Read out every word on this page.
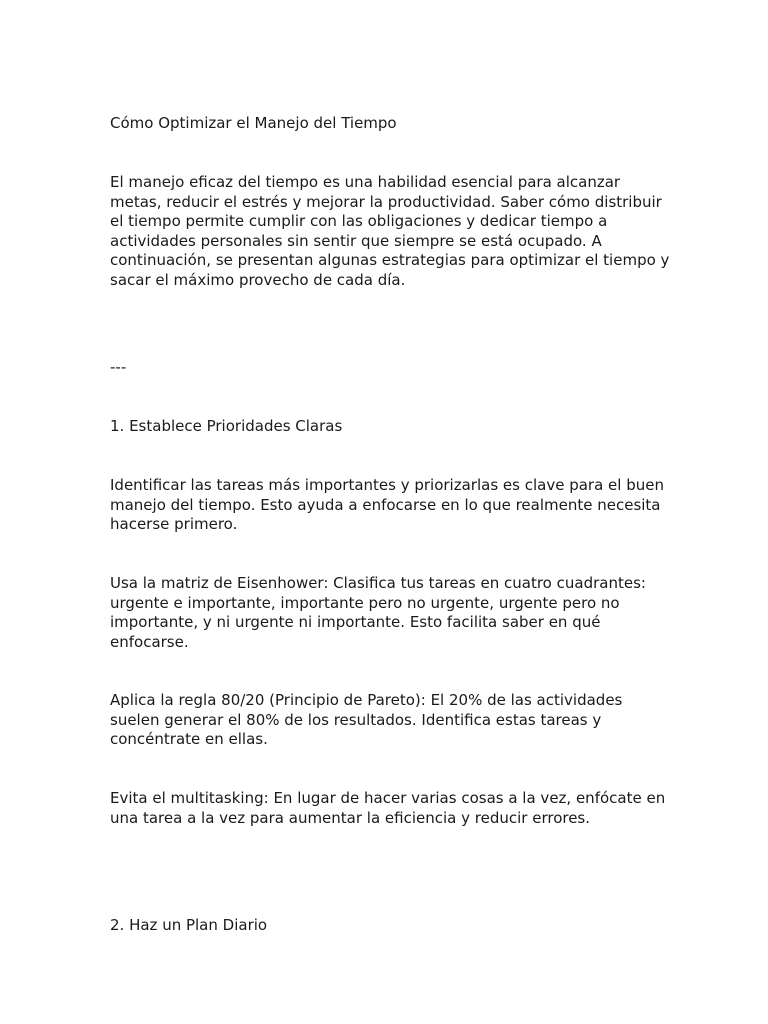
Cómo Optimizar el Manejo del Tiempo

El manejo eficaz del tiempo es una habilidad esencial para alcanzar metas, reducir el estrés y mejorar la productividad. Saber cómo distribuir el tiempo permite cumplir con las obligaciones y dedicar tiempo a actividades personales sin sentir que siempre se está ocupado. A continuación, se presentan algunas estrategias para optimizar el tiempo y sacar el máximo provecho de cada día.

---

1. Establece Prioridades Claras

Identificar las tareas más importantes y priorizarlas es clave para el buen manejo del tiempo. Esto ayuda a enfocarse en lo que realmente necesita hacerse primero.

Usa la matriz de Eisenhower: Clasifica tus tareas en cuatro cuadrantes: urgente e importante, importante pero no urgente, urgente pero no importante, y ni urgente ni importante. Esto facilita saber en qué enfocarse.

Aplica la regla 80/20 (Principio de Pareto): El 20% de las actividades suelen generar el 80% de los resultados. Identifica estas tareas y concéntrate en ellas.

Evita el multitasking: En lugar de hacer varias cosas a la vez, enfócate en una tarea a la vez para aumentar la eficiencia y reducir errores.

2. Haz un Plan Diario
